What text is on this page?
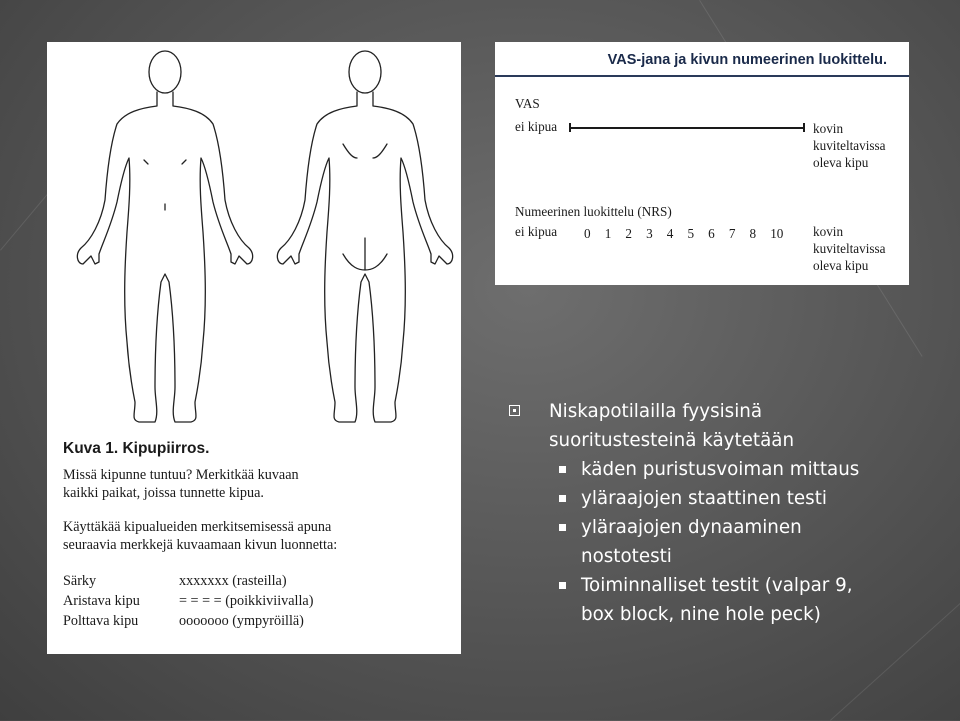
Kuva 1. Kipupiirros.
Missä kipunne tuntuu? Merkitkää kuvaan
kaikki paikat, joissa tunnette kipua.
Käyttäkää kipualueiden merkitsemisessä apuna
seuraavia merkkejä kuvaamaan kivun luonnetta:
Särky	xxxxxxx (rasteilla)
Aristava kipu	= = = = (poikkiviivalla)
Polttava kipu	ooooooo (ympyröillä)
VAS-jana ja kivun numeerinen luokittelu.
VAS
ei kipua	kovin
kuviteltavissa
oleva kipu
Numeerinen luokittelu (NRS)
ei kipua 0	1	2	3	4	5	6	7	8	10	kovin
kuviteltavissa
oleva kipu
Niskapotilailla fyysisinä
suoritustesteinä käytetään
käden puristusvoiman mittaus
yläraajojen staattinen testi
yläraajojen dynaaminen
nostotesti
Toiminnalliset testit (valpar 9,
box block, nine hole peck)
